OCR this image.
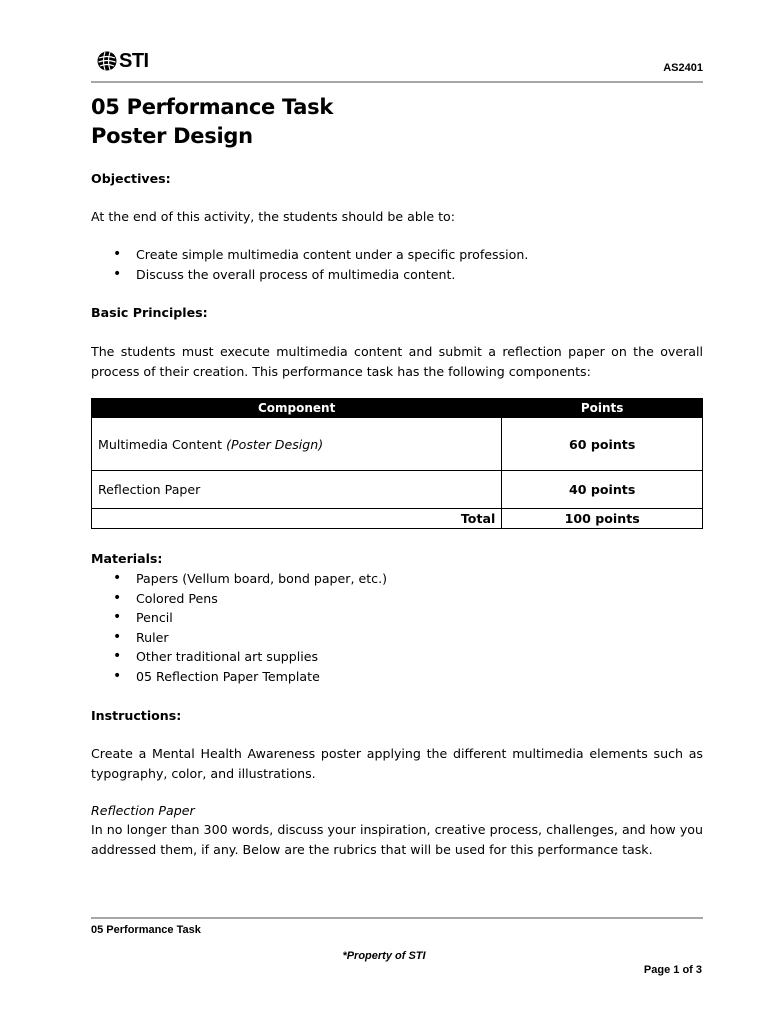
STI	AS2401
05 Performance Task
Poster Design
Objectives:
At the end of this activity, the students should be able to:
• Create simple multimedia content under a specific profession.
• Discuss the overall process of multimedia content.
Basic Principles:
The students must execute multimedia content and submit a reflection paper on the overall process of their creation. This performance task has the following components:
Component	Points
Multimedia Content (Poster Design)	60 points
Reflection Paper	40 points
Total	100 points
Materials:
• Papers (Vellum board, bond paper, etc.)
• Colored Pens
• Pencil
• Ruler
• Other traditional art supplies
• 05 Reflection Paper Template
Instructions:
Create a Mental Health Awareness poster applying the different multimedia elements such as typography, color, and illustrations.
Reflection Paper
In no longer than 300 words, discuss your inspiration, creative process, challenges, and how you addressed them, if any. Below are the rubrics that will be used for this performance task.
05 Performance Task
*Property of STI
Page 1 of 3
